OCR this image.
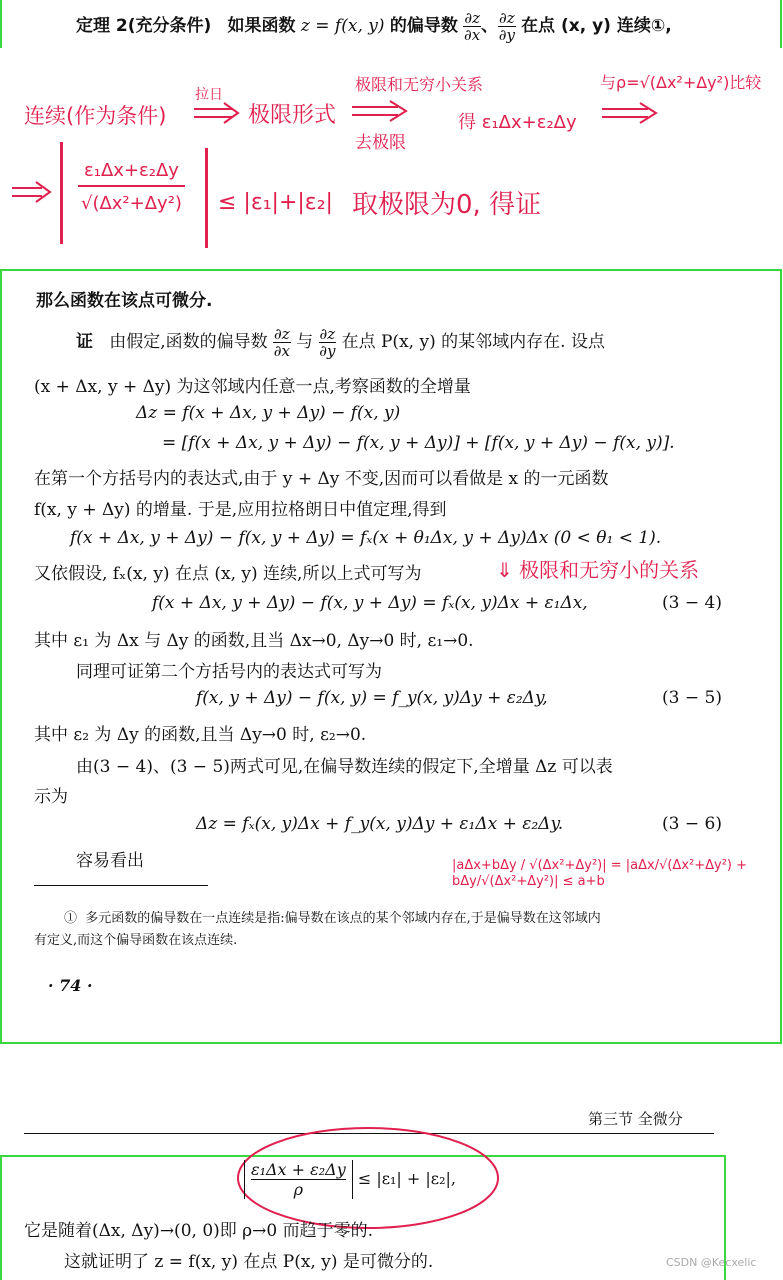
定理 2(充分条件) 如果函数 z = f(x, y) 的偏导数 $\frac{\partial z}{\partial x}$ 、 $\frac{\partial z}{\partial y}$ 在点 (x, y) 连续①,
连续(作为条件)
拉日
极限形式
极限和无穷小关系
去极限
得 ε₁Δx+ε₂Δy
与ρ=√(Δx²+Δy²)比较
$\frac{\text{ε₁Δx+ε₂Δy}}{\text{√(Δx²+Δy²)}} \le |\varepsilon_1|+|\varepsilon_2|$ 取极限为0, 得证
那么函数在该点可微分.
证 由假定,函数的偏导数 $\frac{\partial z}{\partial x}$ 与 $\frac{\partial z}{\partial y}$ 在点 P(x, y) 的某邻域内存在. 设点
(x + Δx, y + Δy) 为这邻域内任意一点,考察函数的全增量
Δz = f(x + Δx, y + Δy) − f(x, y)
= [f(x + Δx, y + Δy) − f(x, y + Δy)] + [f(x, y + Δy) − f(x, y)].
在第一个方括号内的表达式,由于 y + Δy 不变,因而可以看做是 x 的一元函数
f(x, y + Δy) 的增量. 于是,应用拉格朗日中值定理,得到
f(x + Δx, y + Δy) − f(x, y + Δy) = fₓ(x + θ₁Δx, y + Δy)Δx (0 < θ₁ < 1).
又依假设, fₓ(x, y) 在点 (x, y) 连续,所以上式可写为	⇓ 极限和无穷小的关系
f(x + Δx, y + Δy) − f(x, y + Δy) = fₓ(x, y)Δx + ε₁Δx,	(3 − 4)
其中 ε₁ 为 Δx 与 Δy 的函数,且当 Δx→0, Δy→0 时, ε₁→0.
同理可证第二个方括号内的表达式可写为
f(x, y + Δy) − f(x, y) = f_y(x, y)Δy + ε₂Δy,	(3 − 5)
其中 ε₂ 为 Δy 的函数,且当 Δy→0 时, ε₂→0.
由(3 − 4)、(3 − 5)两式可见,在偏导数连续的假定下,全增量 Δz 可以表
示为
Δz = fₓ(x, y)Δx + f_y(x, y)Δy + ε₁Δx + ε₂Δy.	(3 − 6)
容易看出	|aΔx+bΔy / √(Δx²+Δy²)| = |aΔx/√(Δx²+Δy²) + bΔy/√(Δx²+Δy²)| ≤ a+b
① 多元函数的偏导数在一点连续是指:偏导数在该点的某个邻域内存在,于是偏导数在这邻域内
有定义,而这个偏导函数在该点连续.
· 74 ·
第三节 全微分
$\frac{\text{ε₁Δx + ε₂Δy}}{\rho} \le |\varepsilon_1| + |\varepsilon_2|$,
它是随着(Δx, Δy)→(0, 0)即 ρ→0 而趋于零的.
这就证明了 z = f(x, y) 在点 P(x, y) 是可微分的.	CSDN @Kecxelic
